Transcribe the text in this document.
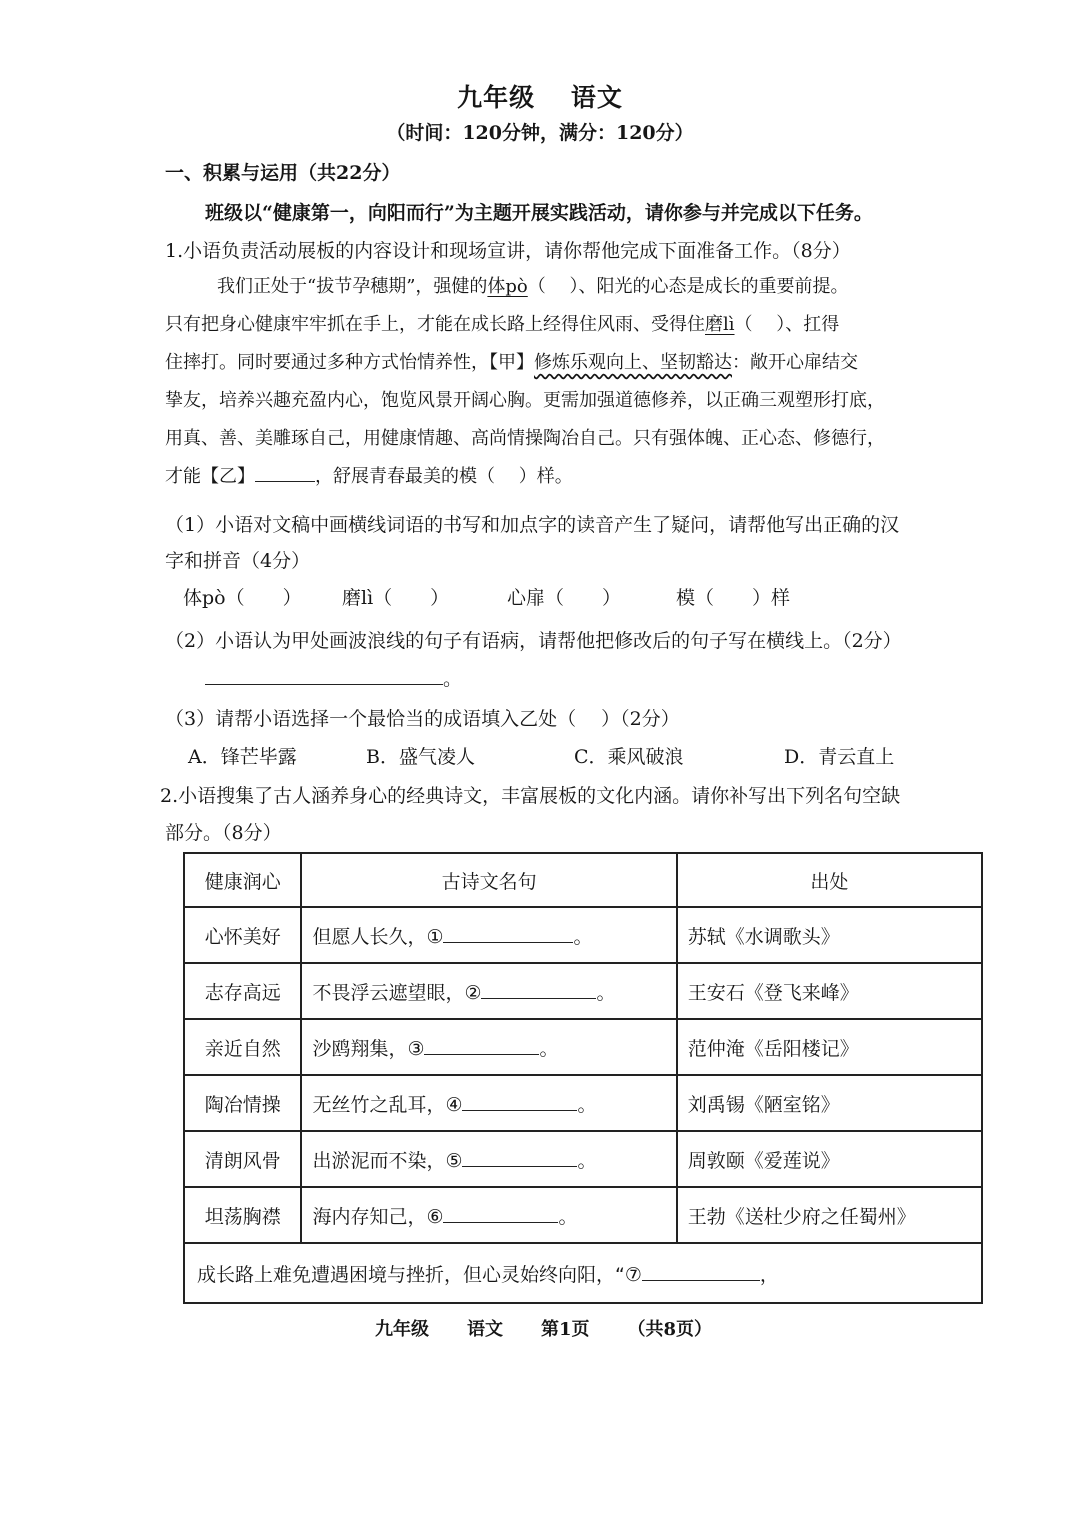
九年级　 语文
（时间：120分钟，满分：120分）
一、积累与运用（共22分）
班级以“健康第一，向阳而行”为主题开展实践活动，请你参与并完成以下任务。
1.小语负责活动展板的内容设计和现场宣讲，请你帮他完成下面准备工作。（8分）
我们正处于“拔节孕穗期”，强健的体pò（　 ）、阳光的心态是成长的重要前提。
只有把身心健康牢牢抓在手上，才能在成长路上经得住风雨、受得住磨lì（　 ）、扛得
住摔打。同时要通过多种方式怡情养性，【甲】修炼乐观向上、坚韧豁达：敞开心扉结交
挚友，培养兴趣充盈内心，饱览风景开阔心胸。更需加强道德修养，以正确三观塑形打底，
用真、善、美雕琢自己，用健康情趣、高尚情操陶冶自己。只有强体魄、正心态、修德行，
才能【乙】	，舒展青春最美的模（　 ）样。
（1）小语对文稿中画横线词语的书写和加点字的读音产生了疑问，请帮他写出正确的汉
字和拼音（4分）
体pò（　　） 磨lì（　　）	心扉（　　）	模（　　）样
（2）小语认为甲处画波浪线的句子有语病，请帮他把修改后的句子写在横线上。（2分）
。
（3）请帮小语选择一个最恰当的成语填入乙处（　 ）（2分）
A．锋芒毕露	B．盛气凌人	C．乘风破浪	D．青云直上
2.小语搜集了古人涵养身心的经典诗文，丰富展板的文化内涵。请你补写出下列名句空缺
部分。（8分）
健康润心	古诗文名句	出处
心怀美好	但愿人长久，① 。	苏轼《水调歌头》
志存高远	不畏浮云遮望眼，② 。	王安石《登飞来峰》
亲近自然	沙鸥翔集，③ 。	范仲淹《岳阳楼记》
陶冶情操	无丝竹之乱耳，④ 。	刘禹锡《陋室铭》
清朗风骨	出淤泥而不染，⑤ 。	周敦颐《爱莲说》
坦荡胸襟	海内存知己，⑥ 。	王勃《送杜少府之任蜀州》
成长路上难免遭遇困境与挫折，但心灵始终向阳，“⑦ ，		
九年级 语文 第1页 （共8页）
